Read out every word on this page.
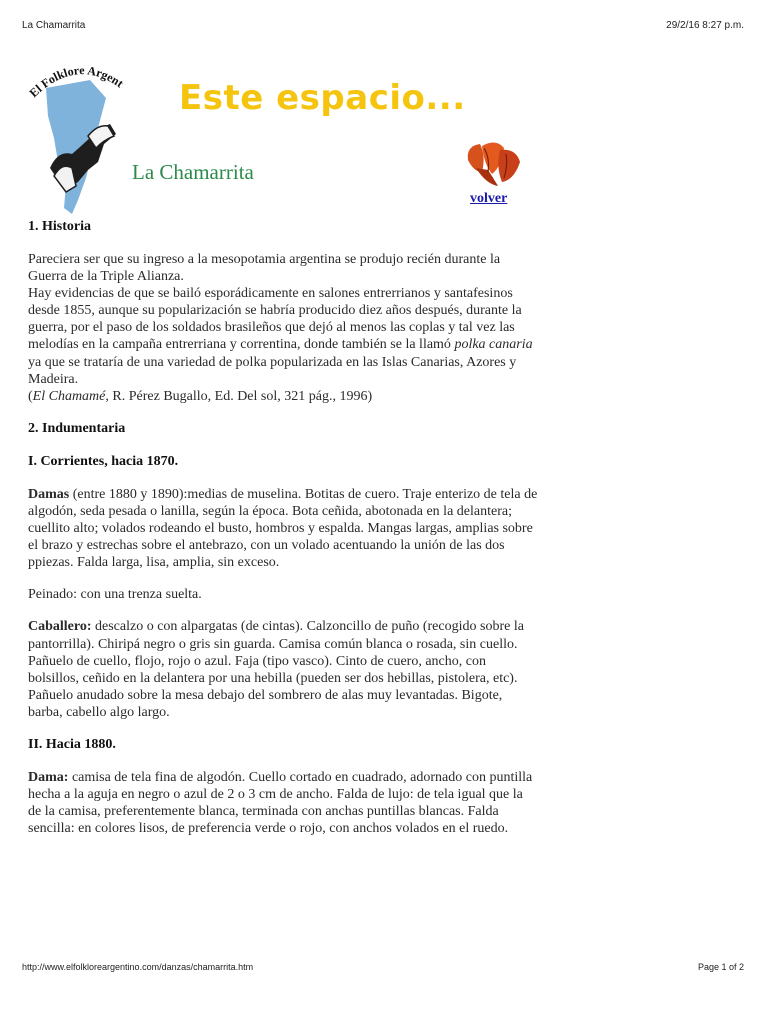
La Chamarrita	29/2/16 8:27 p.m.
El Folklore Argen Este espacio...
La Chamarrita
volver
1. Historia

Pareciera ser que su ingreso a la mesopotamia argentina se produjo recién durante la Guerra de la Triple Alianza.
Hay evidencias de que se bailó esporádicamente en salones entrerrianos y santafesinos desde 1855, aunque su popularización se habría producido diez años después, durante la guerra, por el paso de los soldados brasileños que dejó al menos las coplas y tal vez las melodías en la campaña entrerriana y correntina, donde también se la llamó polka canaria ya que se trataría de una variedad de polka popularizada en las Islas Canarias, Azores y Madeira.
(El Chamamé, R. Pérez Bugallo, Ed. Del sol, 321 pág., 1996)

2. Indumentaria
I. Corrientes, hacia 1870.

Damas (entre 1880 y 1890):medias de muselina. Botitas de cuero. Traje enterizo de tela de algodón, seda pesada o lanilla, según la época. Bota ceñida, abotonada en la delantera; cuellito alto; volados rodeando el busto, hombros y espalda. Mangas largas, amplias sobre el brazo y estrechas sobre el antebrazo, con un volado acentuando la unión de las dos ppiezas. Falda larga, lisa, amplia, sin exceso.

Peinado: con una trenza suelta.

Caballero: descalzo o con alpargatas (de cintas). Calzoncillo de puño (recogido sobre la pantorrilla). Chiripá negro o gris sin guarda. Camisa común blanca o rosada, sin cuello. Pañuelo de cuello, flojo, rojo o azul. Faja (tipo vasco). Cinto de cuero, ancho, con bolsillos, ceñido en la delantera por una hebilla (pueden ser dos hebillas, pistolera, etc). Pañuelo anudado sobre la mesa debajo del sombrero de alas muy levantadas. Bigote, barba, cabello algo largo.

II. Hacia 1880.

Dama: camisa de tela fina de algodón. Cuello cortado en cuadrado, adornado con puntilla hecha a la aguja en negro o azul de 2 o 3 cm de ancho. Falda de lujo: de tela igual que la de la camisa, preferentemente blanca, terminada con anchas puntillas blancas. Falda sencilla: en colores lisos, de preferencia verde o rojo, con anchos volados en el ruedo.

http://www.elfolkloreargentino.com/danzas/chamarrita.htm	Page 1 of 2
